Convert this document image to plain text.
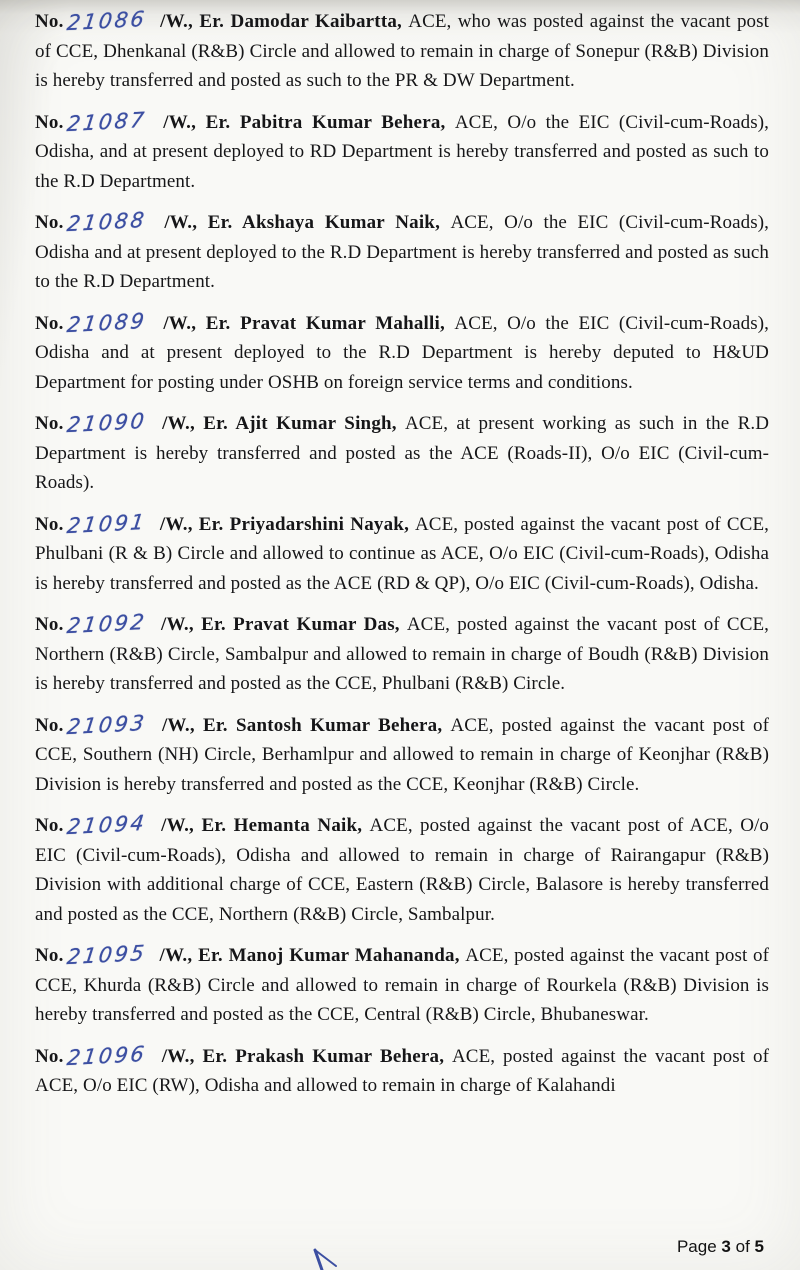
No.21086 /W., Er. Damodar Kaibartta, ACE, who was posted against the vacant post of CCE, Dhenkanal (R&B) Circle and allowed to remain in charge of Sonepur (R&B) Division is hereby transferred and posted as such to the PR & DW Department.

No.21087 /W., Er. Pabitra Kumar Behera, ACE, O/o the EIC (Civil-cum-Roads), Odisha, and at present deployed to RD Department is hereby transferred and posted as such to the R.D Department.

No.21088 /W., Er. Akshaya Kumar Naik, ACE, O/o the EIC (Civil-cum-Roads), Odisha and at present deployed to the R.D Department is hereby transferred and posted as such to the R.D Department.

No.21089 /W., Er. Pravat Kumar Mahalli, ACE, O/o the EIC (Civil-cum-Roads), Odisha and at present deployed to the R.D Department is hereby deputed to H&UD Department for posting under OSHB on foreign service terms and conditions.

No.21090 /W., Er. Ajit Kumar Singh, ACE, at present working as such in the R.D Department is hereby transferred and posted as the ACE (Roads-II), O/o EIC (Civil-cum-Roads).

No.21091 /W., Er. Priyadarshini Nayak, ACE, posted against the vacant post of CCE, Phulbani (R & B) Circle and allowed to continue as ACE, O/o EIC (Civil-cum-Roads), Odisha is hereby transferred and posted as the ACE (RD & QP), O/o EIC (Civil-cum-Roads), Odisha.

No.21092 /W., Er. Pravat Kumar Das, ACE, posted against the vacant post of CCE, Northern (R&B) Circle, Sambalpur and allowed to remain in charge of Boudh (R&B) Division is hereby transferred and posted as the CCE, Phulbani (R&B) Circle.

No.21093 /W., Er. Santosh Kumar Behera, ACE, posted against the vacant post of CCE, Southern (NH) Circle, Berhamlpur and allowed to remain in charge of Keonjhar (R&B) Division is hereby transferred and posted as the CCE, Keonjhar (R&B) Circle.

No.21094 /W., Er. Hemanta Naik, ACE, posted against the vacant post of ACE, O/o EIC (Civil-cum-Roads), Odisha and allowed to remain in charge of Rairangapur (R&B) Division with additional charge of CCE, Eastern (R&B) Circle, Balasore is hereby transferred and posted as the CCE, Northern (R&B) Circle, Sambalpur.

No.21095 /W., Er. Manoj Kumar Mahananda, ACE, posted against the vacant post of CCE, Khurda (R&B) Circle and allowed to remain in charge of Rourkela (R&B) Division is hereby transferred and posted as the CCE, Central (R&B) Circle, Bhubaneswar.

No.21096 /W., Er. Prakash Kumar Behera, ACE, posted against the vacant post of ACE, O/o EIC (RW), Odisha and allowed to remain in charge of Kalahandi

Page 3 of 5
